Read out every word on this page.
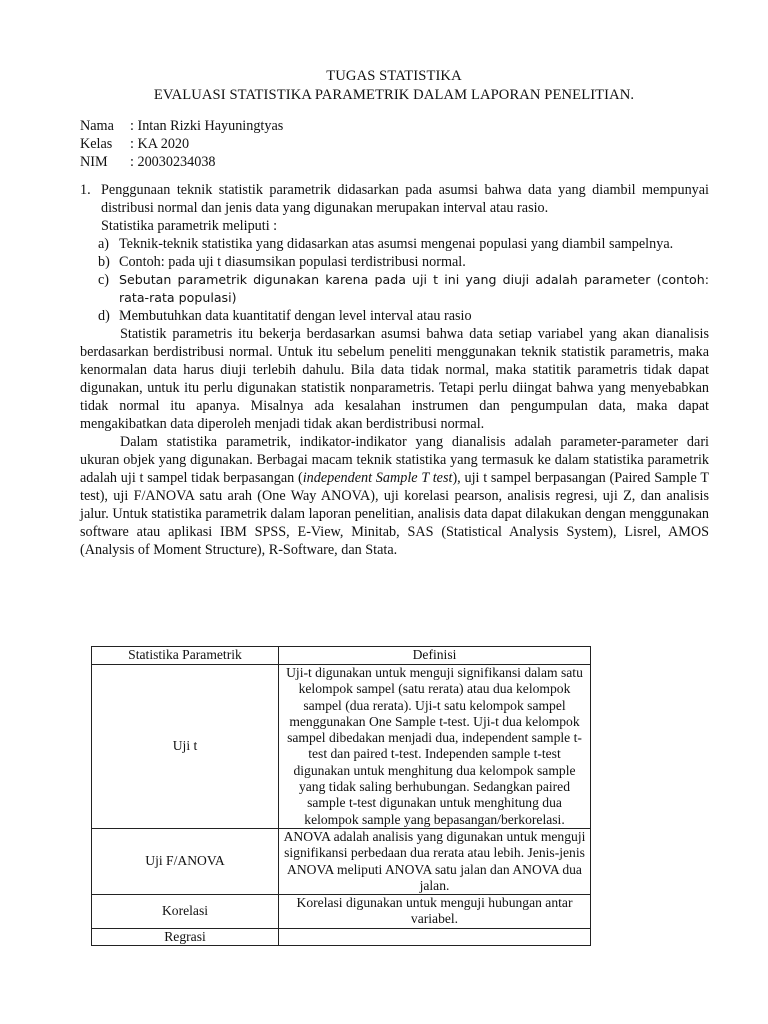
TUGAS STATISTIKA
EVALUASI STATISTIKA PARAMETRIK DALAM LAPORAN PENELITIAN.
Nama	: Intan Rizki Hayuningtyas
Kelas	: KA 2020
NIM	: 20030234038
1. Penggunaan teknik statistik parametrik didasarkan pada asumsi bahwa data yang diambil mempunyai distribusi normal dan jenis data yang digunakan merupakan interval atau rasio.

Statistika parametrik meliputi :

a) Teknik-teknik statistika yang didasarkan atas asumsi mengenai populasi yang diambil sampelnya.

b) Contoh: pada uji t diasumsikan populasi terdistribusi normal.

c) Sebutan parametrik digunakan karena pada uji t ini yang diuji adalah parameter (contoh: rata-rata populasi)

d) Membutuhkan data kuantitatif dengan level interval atau rasio

Statistik parametris itu bekerja berdasarkan asumsi bahwa data setiap variabel yang akan dianalisis berdasarkan berdistribusi normal. Untuk itu sebelum peneliti menggunakan teknik statistik parametris, maka kenormalan data harus diuji terlebih dahulu. Bila data tidak normal, maka statitik parametris tidak dapat digunakan, untuk itu perlu digunakan statistik nonparametris. Tetapi perlu diingat bahwa yang menyebabkan tidak normal itu apanya. Misalnya ada kesalahan instrumen dan pengumpulan data, maka dapat mengakibatkan data diperoleh menjadi tidak akan berdistribusi normal.

Dalam statistika parametrik, indikator-indikator yang dianalisis adalah parameter-parameter dari ukuran objek yang digunakan. Berbagai macam teknik statistika yang termasuk ke dalam statistika parametrik adalah uji t sampel tidak berpasangan (independent Sample T test), uji t sampel berpasangan (Paired Sample T test), uji F/ANOVA satu arah (One Way ANOVA), uji korelasi pearson, analisis regresi, uji Z, dan analisis jalur. Untuk statistika parametrik dalam laporan penelitian, analisis data dapat dilakukan dengan menggunakan software atau aplikasi IBM SPSS, E-View, Minitab, SAS (Statistical Analysis System), Lisrel, AMOS (Analysis of Moment Structure), R-Software, dan Stata.

Statistika Parametrik	Definisi
Uji t	Uji-t digunakan untuk menguji signifikansi dalam satu kelompok sampel (satu rerata) atau dua kelompok sampel (dua rerata). Uji-t satu kelompok sampel menggunakan One Sample t-test. Uji-t dua kelompok sampel dibedakan menjadi dua, independent sample t-test dan paired t-test. Independen sample t-test digunakan untuk menghitung dua kelompok sample yang tidak saling berhubungan. Sedangkan paired sample t-test digunakan untuk menghitung dua kelompok sample yang bepasangan/berkorelasi.
Uji F/ANOVA	ANOVA adalah analisis yang digunakan untuk menguji signifikansi perbedaan dua rerata atau lebih. Jenis-jenis ANOVA meliputi ANOVA satu jalan dan ANOVA dua jalan.
Korelasi	Korelasi digunakan untuk menguji hubungan antar variabel.
Regrasi	
